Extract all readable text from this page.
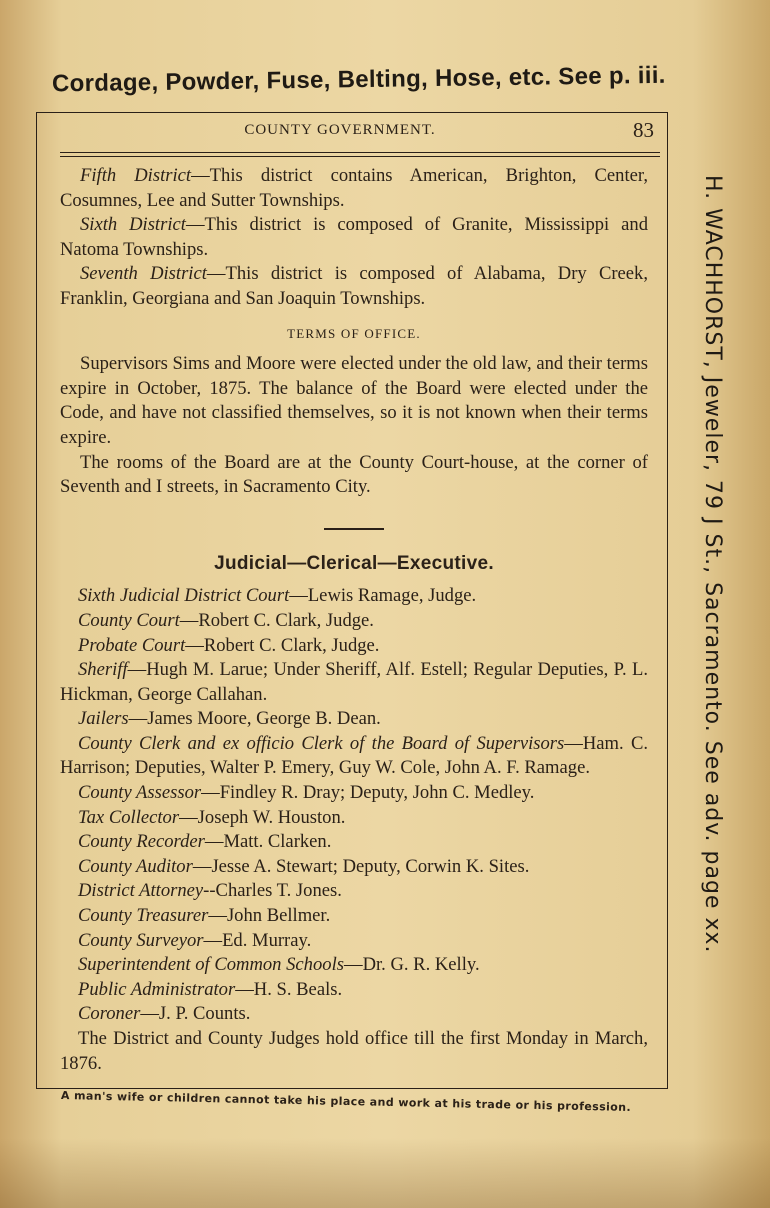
Cordage, Powder, Fuse, Belting, Hose, etc. See p. iii.
COUNTY GOVERNMENT.	83

Fifth District—This district contains American, Brighton, Center, Cosumnes, Lee and Sutter Townships.

Sixth District—This district is composed of Granite, Mississippi and Natoma Townships.

Seventh District—This district is composed of Alabama, Dry Creek, Franklin, Georgiana and San Joaquin Townships.

TERMS OF OFFICE.

Supervisors Sims and Moore were elected under the old law, and their terms expire in October, 1875. The balance of the Board were elected under the Code, and have not classified themselves, so it is not known when their terms expire.

The rooms of the Board are at the County Court-house, at the corner of Seventh and I streets, in Sacramento City.

Judicial—Clerical—Executive.

Sixth Judicial District Court—Lewis Ramage, Judge.

County Court—Robert C. Clark, Judge.

Probate Court—Robert C. Clark, Judge.

Sheriff—Hugh M. Larue; Under Sheriff, Alf. Estell; Regular Deputies, P. L. Hickman, George Callahan.

Jailers—James Moore, George B. Dean.

County Clerk and ex officio Clerk of the Board of Supervisors—Ham. C. Harrison; Deputies, Walter P. Emery, Guy W. Cole, John A. F. Ramage.

County Assessor—Findley R. Dray; Deputy, John C. Medley.

Tax Collector—Joseph W. Houston.

County Recorder—Matt. Clarken.

County Auditor—Jesse A. Stewart; Deputy, Corwin K. Sites.

District Attorney--Charles T. Jones.

County Treasurer—John Bellmer.

County Surveyor—Ed. Murray.

Superintendent of Common Schools—Dr. G. R. Kelly.

Public Administrator—H. S. Beals.

Coroner—J. P. Counts.

The District and County Judges hold office till the first Monday in March, 1876.

A man's wife or children cannot take his place and work at his trade or his profession.
H. WACHHORST, Jeweler, 79 J St., Sacramento. See adv. page xx.
